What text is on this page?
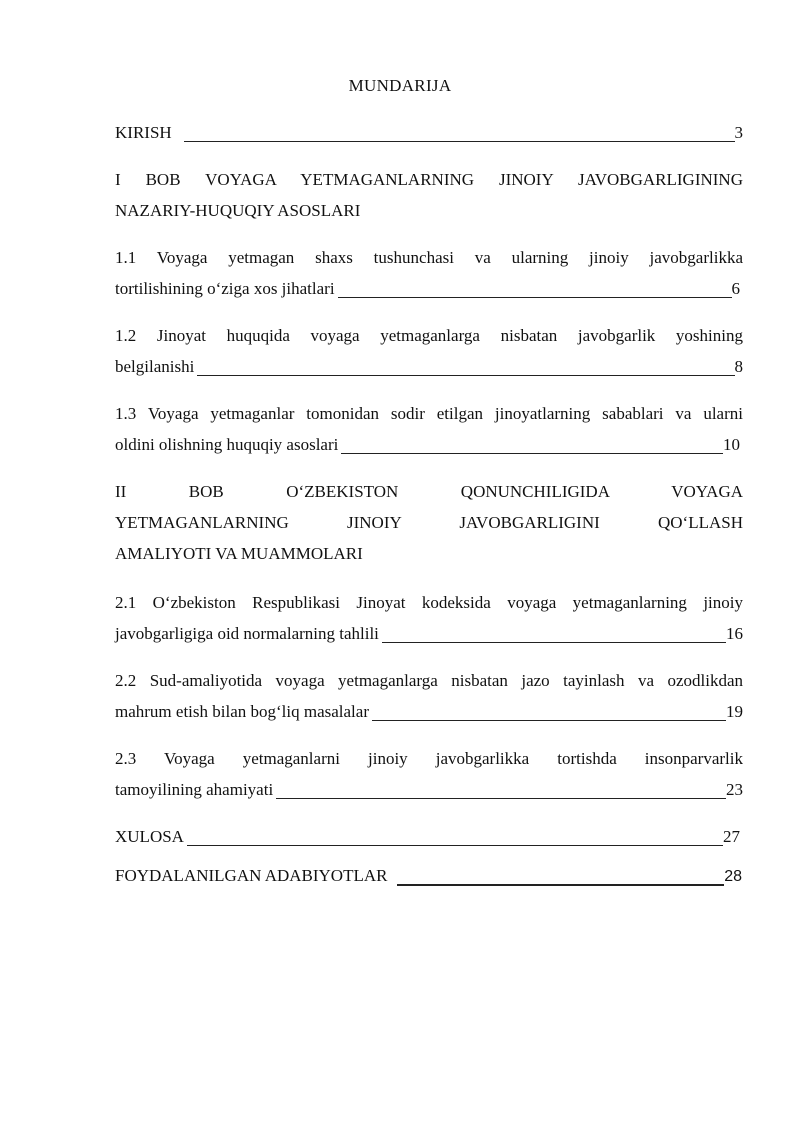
MUNDARIJA
KIRISH	3
I BOB VOYAGA YETMAGANLARNING JINOIY JAVOBGARLIGINING
NAZARIY-HUQUQIY ASOSLARI
1.1 Voyaga yetmagan shaxs tushunchasi va ularning jinoiy javobgarlikka
tortilishining o‘ziga xos jihatlari	6
1.2 Jinoyat huquqida voyaga yetmaganlarga nisbatan javobgarlik yoshining
belgilanishi	8
1.3 Voyaga yetmaganlar tomonidan sodir etilgan jinoyatlarning sabablari va ularni
oldini olishning huquqiy asoslari	10
II BOB O‘ZBEKISTON QONUNCHILIGIDA VOYAGA
YETMAGANLARNING JINOIY JAVOBGARLIGINI QO‘LLASH
AMALIYOTI VA MUAMMOLARI
2.1 O‘zbekiston Respublikasi Jinoyat kodeksida voyaga yetmaganlarning jinoiy
javobgarligiga oid normalarning tahlili	16
2.2 Sud-amaliyotida voyaga yetmaganlarga nisbatan jazo tayinlash va ozodlikdan
mahrum etish bilan bog‘liq masalalar	19
2.3 Voyaga yetmaganlarni jinoiy javobgarlikka tortishda insonparvarlik
tamoyilining ahamiyati	23
XULOSA	27
FOYDALANILGAN ADABIYOTLAR	28
